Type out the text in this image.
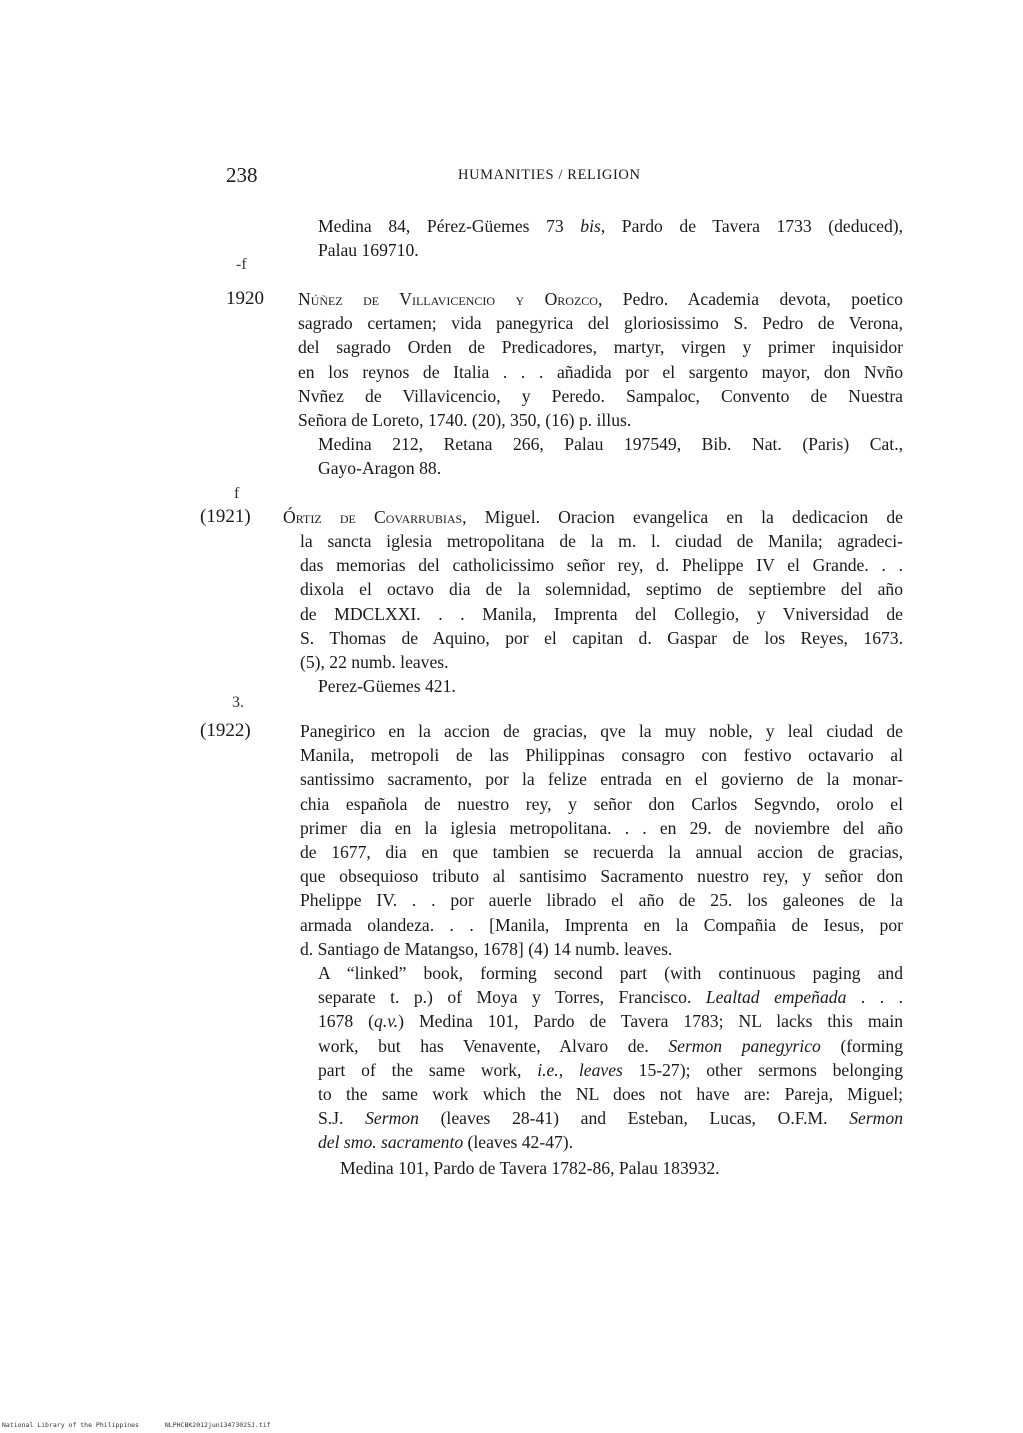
238	HUMANITIES / RELIGION
Medina 84, Pérez-Güemes 73 bis, Pardo de Tavera 1733 (deduced),
Palau 169710.
-f
1920 Núñez de Villavicencio y Orozco, Pedro. Academia devota, poetico
sagrado certamen; vida panegyrica del gloriosissimo S. Pedro de Verona,
del sagrado Orden de Predicadores, martyr, virgen y primer inquisidor
en los reynos de Italia . . . añadida por el sargento mayor, don Nvño
Nvñez de Villavicencio, y Peredo. Sampaloc, Convento de Nuestra
Señora de Loreto, 1740. (20), 350, (16) p. illus.
Medina 212, Retana 266, Palau 197549, Bib. Nat. (Paris) Cat.,
Gayo-Aragon 88.
f
(1921) Órtiz de Covarrubias, Miguel. Oracion evangelica en la dedicacion de
la sancta iglesia metropolitana de la m. l. ciudad de Manila; agradeci-
das memorias del catholicissimo señor rey, d. Phelippe IV el Grande. . .
dixola el octavo dia de la solemnidad, septimo de septiembre del año
de MDCLXXI. . . Manila, Imprenta del Collegio, y Vniversidad de
S. Thomas de Aquino, por el capitan d. Gaspar de los Reyes, 1673.
(5), 22 numb. leaves.
Perez-Güemes 421.
3.
(1922)	Panegirico en la accion de gracias, qve la muy noble, y leal ciudad de
Manila, metropoli de las Philippinas consagro con festivo octavario al
santissimo sacramento, por la felize entrada en el govierno de la monar-
chia española de nuestro rey, y señor don Carlos Segvndo, orolo el
primer dia en la iglesia metropolitana. . . en 29. de noviembre del año
de 1677, dia en que tambien se recuerda la annual accion de gracias,
que obsequioso tributo al santisimo Sacramento nuestro rey, y señor don
Phelippe IV. . . por auerle librado el año de 25. los galeones de la
armada olandeza. . . [Manila, Imprenta en la Compañia de Iesus, por
d. Santiago de Matangso, 1678] (4) 14 numb. leaves.
A “linked” book, forming second part (with continuous paging and
separate t. p.) of Moya y Torres, Francisco. Lealtad empeñada . . .
1678 (q.v.) Medina 101, Pardo de Tavera 1783; NL lacks this main
work, but has Venavente, Alvaro de. Sermon panegyrico (forming
part of the same work, i.e., leaves 15-27); other sermons belonging
to the same work which the NL does not have are: Pareja, Miguel;
S.J. Sermon (leaves 28-41) and Esteban, Lucas, O.F.M. Sermon
del smo. sacramento (leaves 42-47).
Medina 101, Pardo de Tavera 1782-86, Palau 183932.
National Library of the Philippines	NLPHCBK2012jun13473025J.tif
